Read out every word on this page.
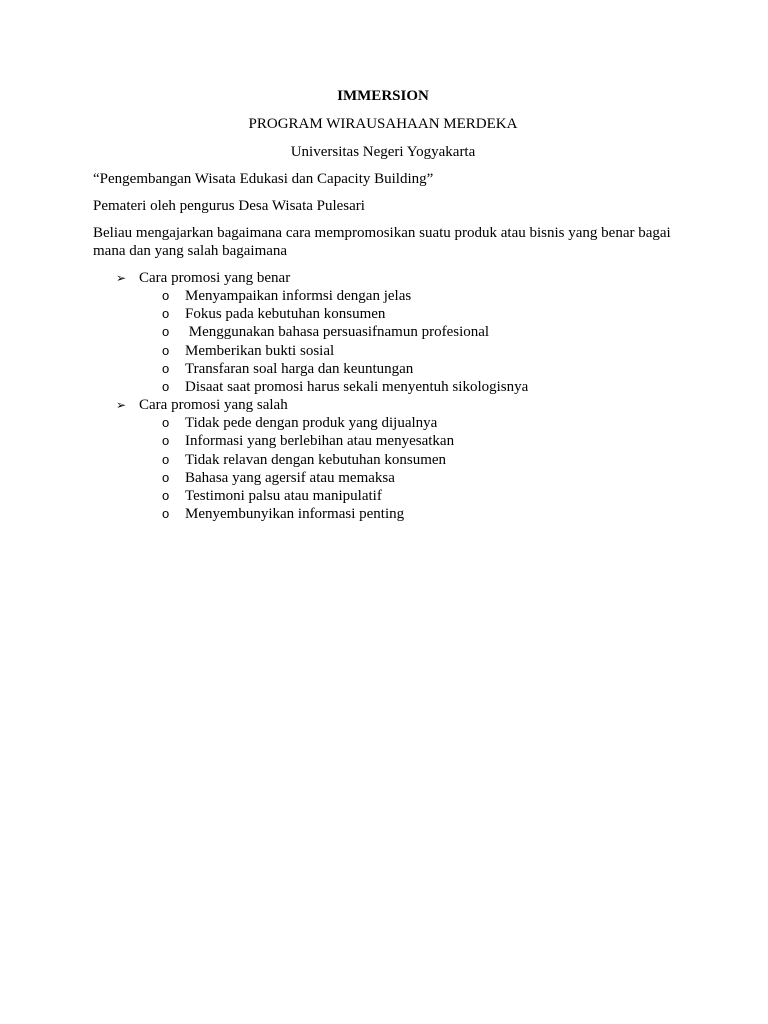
IMMERSION
PROGRAM WIRAUSAHAAN MERDEKA
Universitas Negeri Yogyakarta

“Pengembangan Wisata Edukasi dan Capacity Building”

Pemateri oleh pengurus Desa Wisata Pulesari

Beliau mengajarkan bagaimana cara mempromosikan suatu produk atau bisnis yang benar bagai mana dan yang salah bagaimana

➢ Cara promosi yang benar
o Menyampaikan informsi dengan jelas
o Fokus pada kebutuhan konsumen
o Menggunakan bahasa persuasifnamun profesional
o Memberikan bukti sosial
o Transfaran soal harga dan keuntungan
o Disaat saat promosi harus sekali menyentuh sikologisnya
➢ Cara promosi yang salah
o Tidak pede dengan produk yang dijualnya
o Informasi yang berlebihan atau menyesatkan
o Tidak relavan dengan kebutuhan konsumen
o Bahasa yang agersif atau memaksa
o Testimoni palsu atau manipulatif
o Menyembunyikan informasi penting
